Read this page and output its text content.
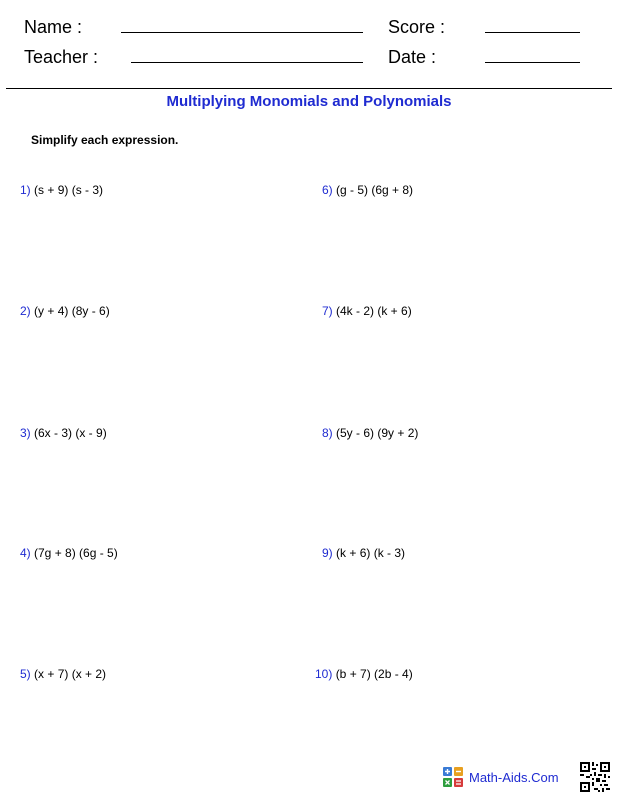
Name :	Score :
Teacher :	Date :
Multiplying Monomials and Polynomials
Simplify each expression.
1) (s + 9) (s - 3)
2) (y + 4) (8y - 6)
3) (6x - 3) (x - 9)
4) (7g + 8) (6g - 5)
5) (x + 7) (x + 2)
6) (g - 5) (6g + 8)
7) (4k - 2) (k + 6)
8) (5y - 6) (9y + 2)
9) (k + 6) (k - 3)
10) (b + 7) (2b - 4)
Math-Aids.Com
